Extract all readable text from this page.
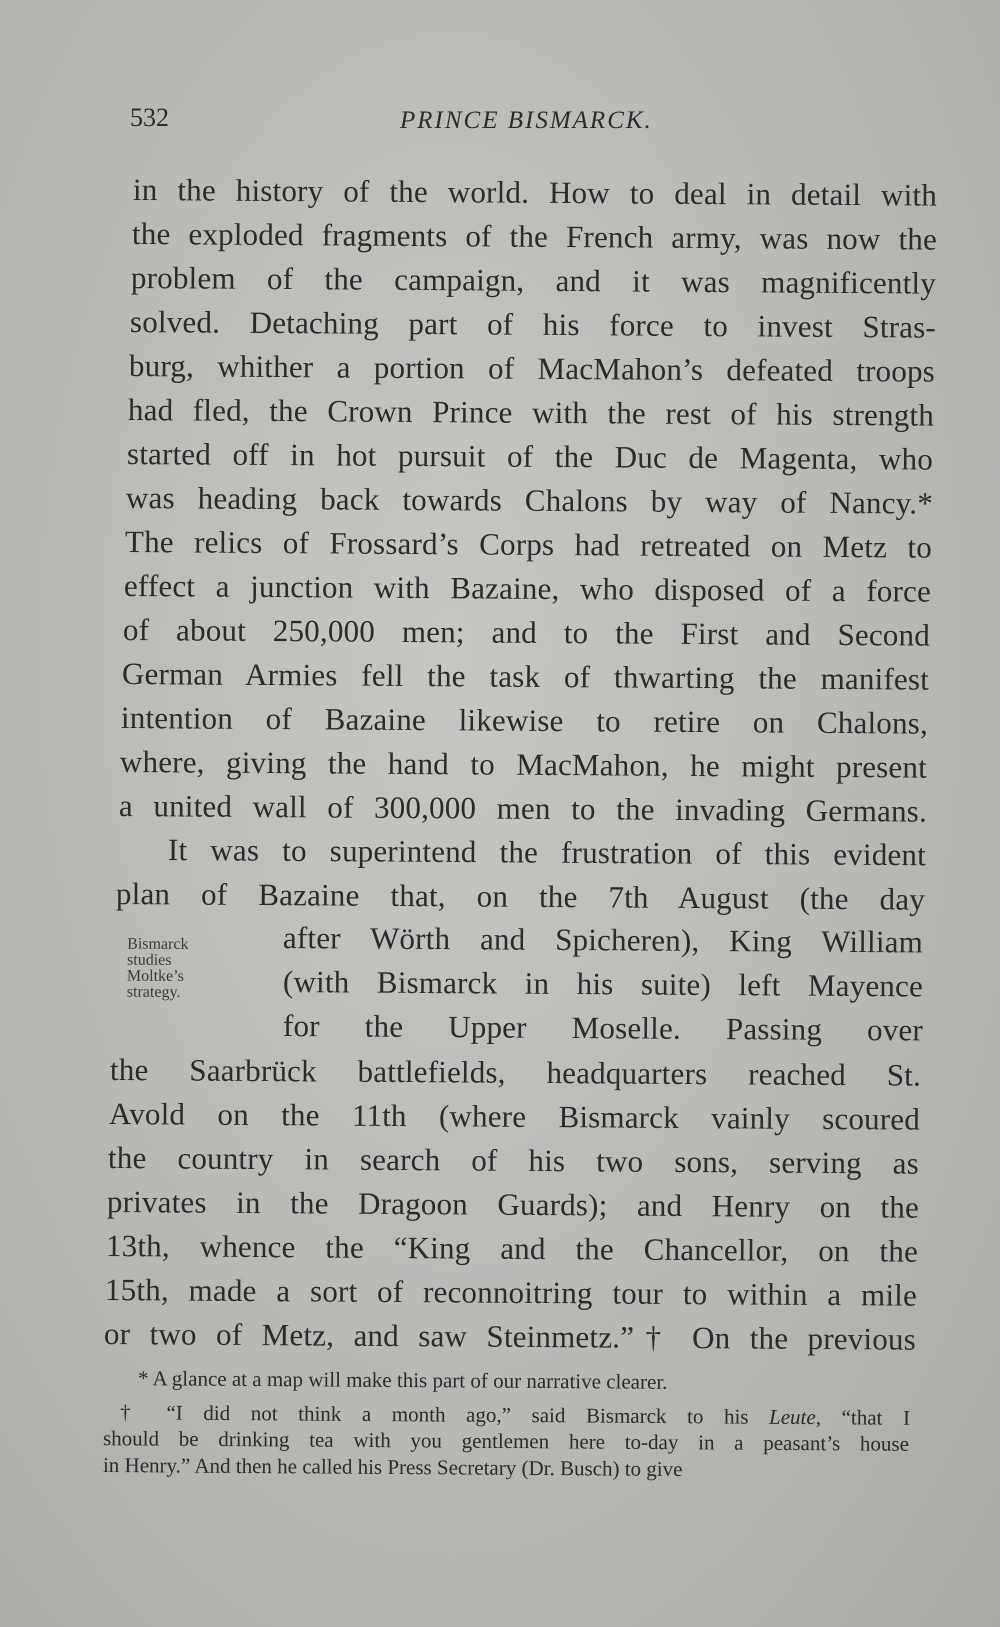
532	PRINCE BISMARCK.
in the history of the world. How to deal in detail with
the exploded fragments of the French army, was now the
problem of the campaign, and it was magnificently
solved. Detaching part of his force to invest Stras-
burg, whither a portion of MacMahon’s defeated troops
had fled, the Crown Prince with the rest of his strength
started off in hot pursuit of the Duc de Magenta, who
was heading back towards Chalons by way of Nancy.*
The relics of Frossard’s Corps had retreated on Metz to
effect a junction with Bazaine, who disposed of a force
of about 250,000 men; and to the First and Second
German Armies fell the task of thwarting the manifest
intention of Bazaine likewise to retire on Chalons,
where, giving the hand to MacMahon, he might present
a united wall of 300,000 men to the invading Germans.
It was to superintend the frustration of this evident
plan of Bazaine that, on the 7th August (the day
Bismarck
studies
Moltke’s
strategy.
after Wörth and Spicheren), King William
(with Bismarck in his suite) left Mayence
for the Upper Moselle. Passing over
the Saarbrück battlefields, headquarters reached St.
Avold on the 11th (where Bismarck vainly scoured
the country in search of his two sons, serving as
privates in the Dragoon Guards); and Henry on the
13th, whence the “King and the Chancellor, on the
15th, made a sort of reconnoitring tour to within a mile
or two of Metz, and saw Steinmetz.”† On the previous
* A glance at a map will make this part of our narrative clearer.
† “I did not think a month ago,” said Bismarck to his Leute, “that I
should be drinking tea with you gentlemen here to-day in a peasant’s house
in Henry.” And then he called his Press Secretary (Dr. Busch) to give
